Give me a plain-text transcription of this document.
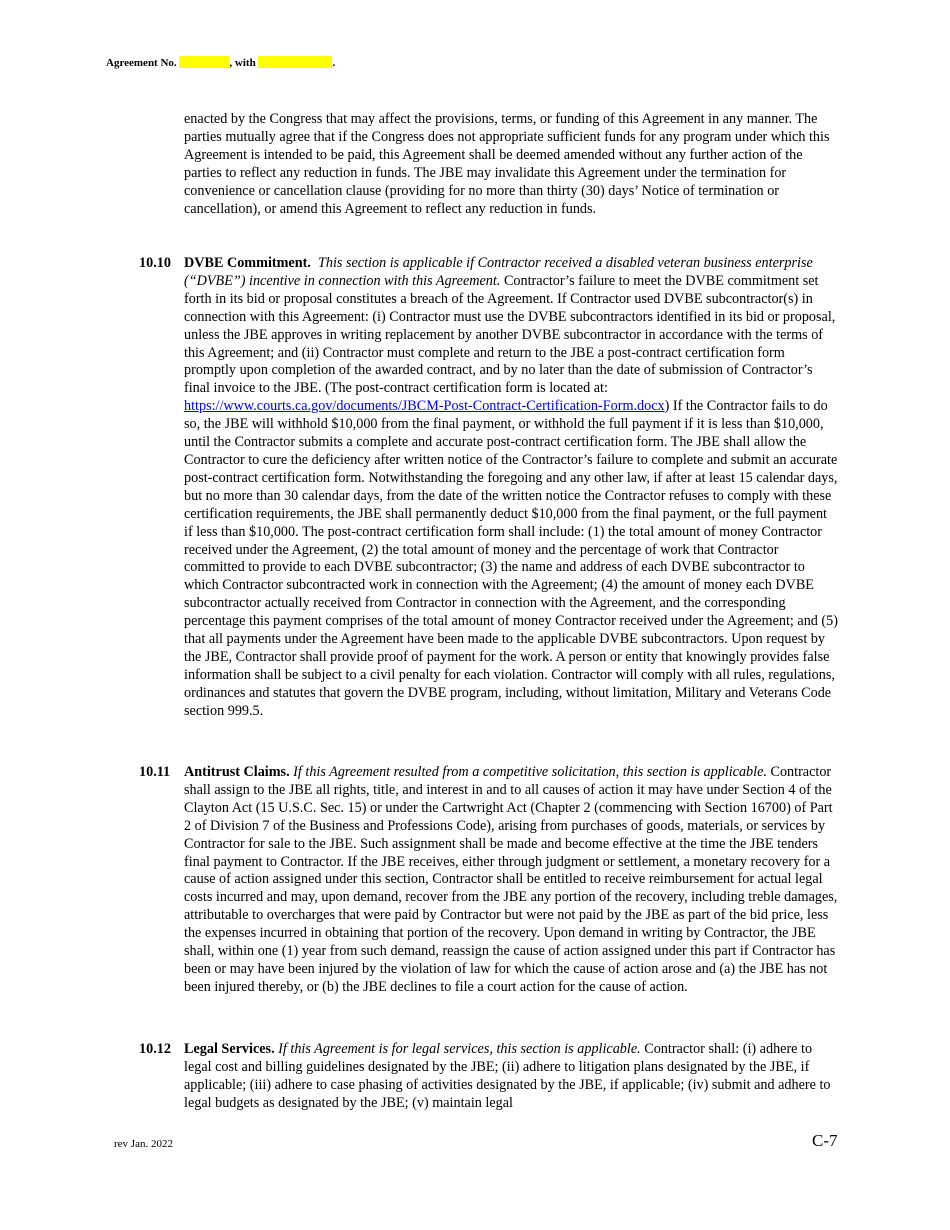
Agreement No.	, with	.
enacted by the Congress that may affect the provisions, terms, or funding of this Agreement in any manner. The parties mutually agree that if the Congress does not appropriate sufficient funds for any program under which this Agreement is intended to be paid, this Agreement shall be deemed amended without any further action of the parties to reflect any reduction in funds. The JBE may invalidate this Agreement under the termination for convenience or cancellation clause (providing for no more than thirty (30) days’ Notice of termination or cancellation), or amend this Agreement to reflect any reduction in funds.
10.10 DVBE Commitment. This section is applicable if Contractor received a disabled veteran business enterprise (“DVBE”) incentive in connection with this Agreement. Contractor’s failure to meet the DVBE commitment set forth in its bid or proposal constitutes a breach of the Agreement. If Contractor used DVBE subcontractor(s) in connection with this Agreement: (i) Contractor must use the DVBE subcontractors identified in its bid or proposal, unless the JBE approves in writing replacement by another DVBE subcontractor in accordance with the terms of this Agreement; and (ii) Contractor must complete and return to the JBE a post-contract certification form promptly upon completion of the awarded contract, and by no later than the date of submission of Contractor’s final invoice to the JBE. (The post-contract certification form is located at: https://www.courts.ca.gov/documents/JBCM-Post-Contract-Certification-Form.docx) If the Contractor fails to do so, the JBE will withhold $10,000 from the final payment, or withhold the full payment if it is less than $10,000, until the Contractor submits a complete and accurate post-contract certification form. The JBE shall allow the Contractor to cure the deficiency after written notice of the Contractor’s failure to complete and submit an accurate post-contract certification form. Notwithstanding the foregoing and any other law, if after at least 15 calendar days, but no more than 30 calendar days, from the date of the written notice the Contractor refuses to comply with these certification requirements, the JBE shall permanently deduct $10,000 from the final payment, or the full payment if less than $10,000. The post-contract certification form shall include: (1) the total amount of money Contractor received under the Agreement, (2) the total amount of money and the percentage of work that Contractor committed to provide to each DVBE subcontractor; (3) the name and address of each DVBE subcontractor to which Contractor subcontracted work in connection with the Agreement; (4) the amount of money each DVBE subcontractor actually received from Contractor in connection with the Agreement, and the corresponding percentage this payment comprises of the total amount of money Contractor received under the Agreement; and (5) that all payments under the Agreement have been made to the applicable DVBE subcontractors. Upon request by the JBE, Contractor shall provide proof of payment for the work. A person or entity that knowingly provides false information shall be subject to a civil penalty for each violation. Contractor will comply with all rules, regulations, ordinances and statutes that govern the DVBE program, including, without limitation, Military and Veterans Code section 999.5.
10.11 Antitrust Claims. If this Agreement resulted from a competitive solicitation, this section is applicable. Contractor shall assign to the JBE all rights, title, and interest in and to all causes of action it may have under Section 4 of the Clayton Act (15 U.S.C. Sec. 15) or under the Cartwright Act (Chapter 2 (commencing with Section 16700) of Part 2 of Division 7 of the Business and Professions Code), arising from purchases of goods, materials, or services by Contractor for sale to the JBE. Such assignment shall be made and become effective at the time the JBE tenders final payment to Contractor. If the JBE receives, either through judgment or settlement, a monetary recovery for a cause of action assigned under this section, Contractor shall be entitled to receive reimbursement for actual legal costs incurred and may, upon demand, recover from the JBE any portion of the recovery, including treble damages, attributable to overcharges that were paid by Contractor but were not paid by the JBE as part of the bid price, less the expenses incurred in obtaining that portion of the recovery. Upon demand in writing by Contractor, the JBE shall, within one (1) year from such demand, reassign the cause of action assigned under this part if Contractor has been or may have been injured by the violation of law for which the cause of action arose and (a) the JBE has not been injured thereby, or (b) the JBE declines to file a court action for the cause of action.
10.12 Legal Services. If this Agreement is for legal services, this section is applicable. Contractor shall: (i) adhere to legal cost and billing guidelines designated by the JBE; (ii) adhere to litigation plans designated by the JBE, if applicable; (iii) adhere to case phasing of activities designated by the JBE, if applicable; (iv) submit and adhere to legal budgets as designated by the JBE; (v) maintain legal
rev Jan. 2022	C-7
